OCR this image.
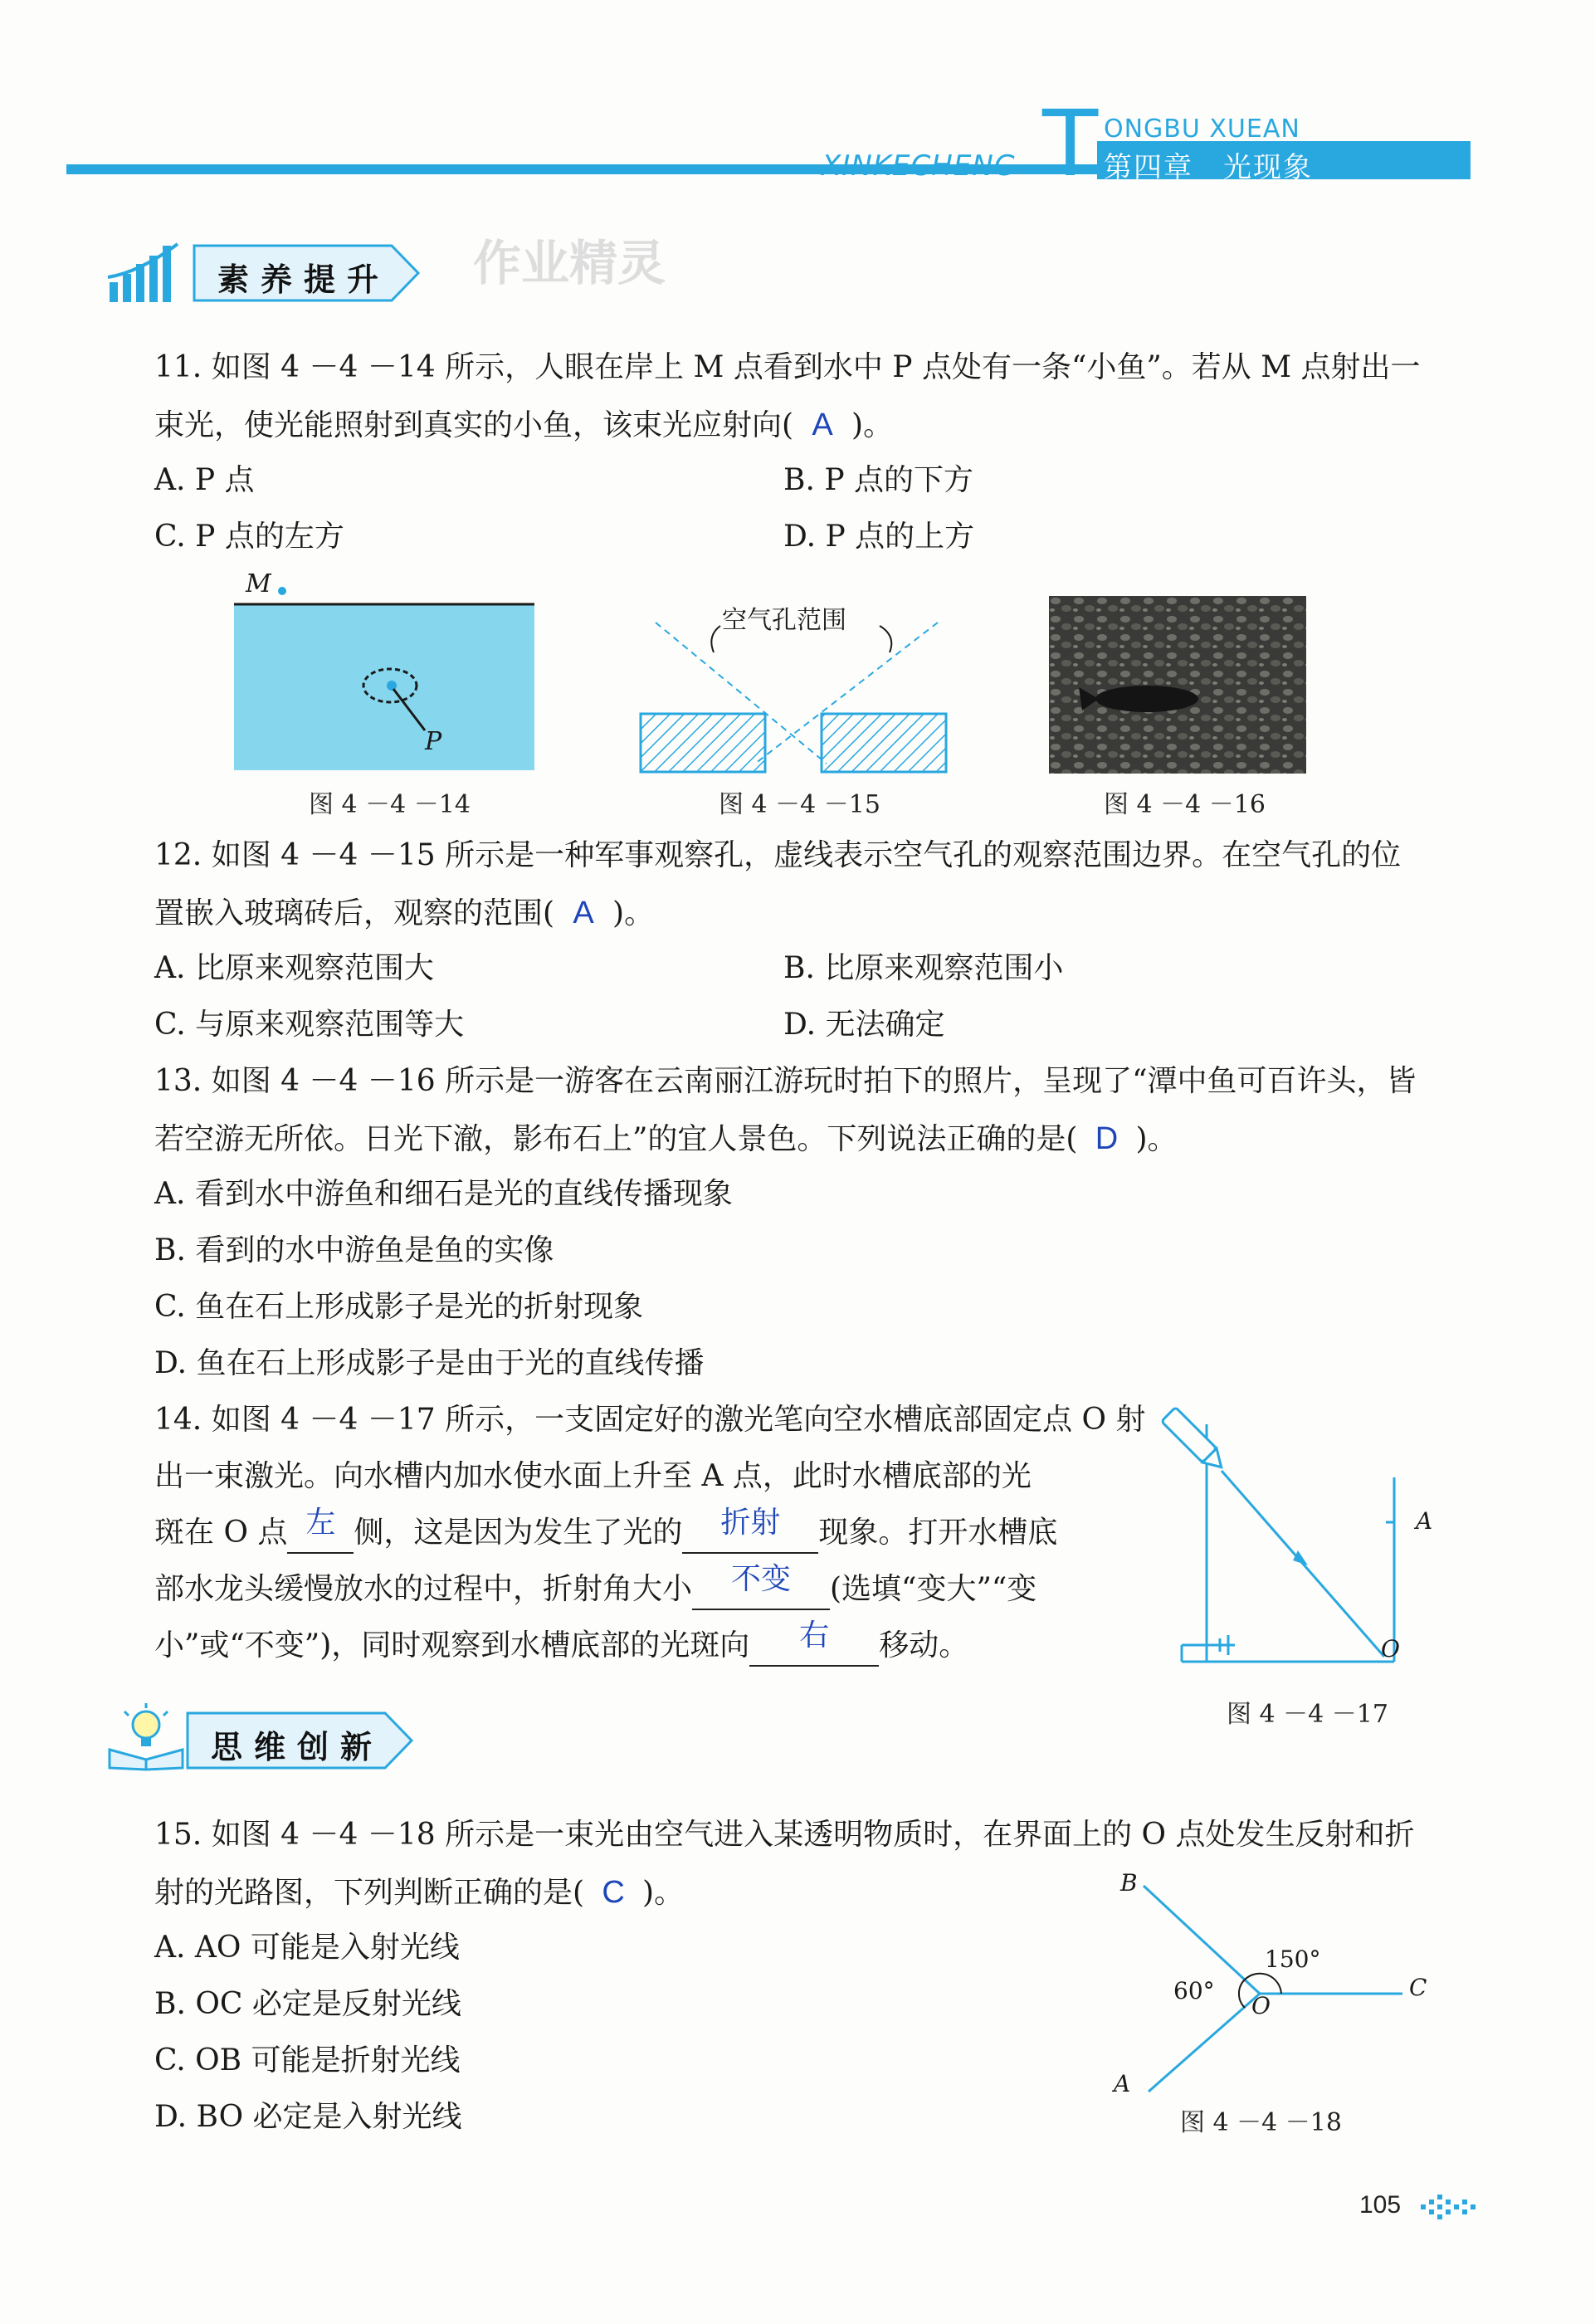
T ONGBU XUEAN
XINKECHENG	第四章　光现象
素养提升 作业精灵
11. 如图 4 －4 －14 所示，人眼在岸上 M 点看到水中 P 点处有一条“小鱼”。若从 M 点射出一
束光，使光能照射到真实的小鱼，该束光应射向( A )。
A. P 点	B. P 点的下方
C. P 点的左方	D. P 点的上方
M
P
图 4 －4 －14
空气孔范围
图 4 －4 －15	图 4 －4 －16
12. 如图 4 －4 －15 所示是一种军事观察孔，虚线表示空气孔的观察范围边界。在空气孔的位
置嵌入玻璃砖后，观察的范围( A )。
A. 比原来观察范围大	B. 比原来观察范围小
C. 与原来观察范围等大	D. 无法确定
13. 如图 4 －4 －16 所示是一游客在云南丽江游玩时拍下的照片，呈现了“潭中鱼可百许头，皆
若空游无所依。日光下澈，影布石上”的宜人景色。下列说法正确的是( D )。
A. 看到水中游鱼和细石是光的直线传播现象
B. 看到的水中游鱼是鱼的实像
C. 鱼在石上形成影子是光的折射现象
D. 鱼在石上形成影子是由于光的直线传播
14. 如图 4 －4 －17 所示，一支固定好的激光笔向空水槽底部固定点 O 射
出一束激光。向水槽内加水使水面上升至 A 点，此时水槽底部的光
斑在 O 点 左 侧，这是因为发生了光的 折射 现象。打开水槽底
部水龙头缓慢放水的过程中，折射角大小 不变 (选填“变大”“变
小”或“不变”)，同时观察到水槽底部的光斑向 右 移动。
A
O
图 4 －4 －17
思维创新
15. 如图 4 －4 －18 所示是一束光由空气进入某透明物质时，在界面上的 O 点处发生反射和折
射的光路图，下列判断正确的是( C )。
A. AO 可能是入射光线
B. OC 必定是反射光线
C. OB 可能是折射光线
D. BO 必定是入射光线
B
C
O
A
60°
150°
图 4 －4 －18
105
